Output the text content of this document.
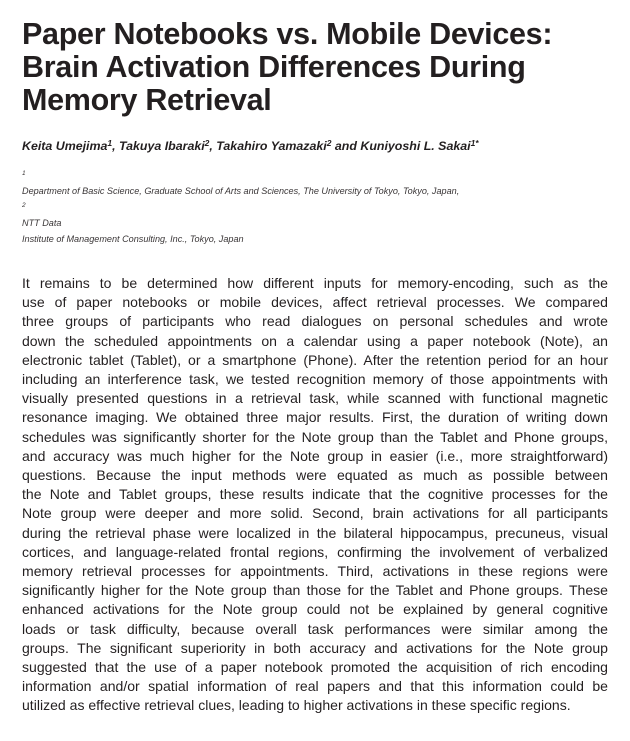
Paper Notebooks vs. Mobile Devices:
Brain Activation Differences During
Memory Retrieval
Keita Umejima$^1$, Takuya Ibaraki$^2$, Takahiro Yamazaki$^2$ and Kuniyoshi L. Sakai$^{1*}$
$^1$
Department of Basic Science, Graduate School of Arts and Sciences, The University of Tokyo, Tokyo, Japan,
$^2$
NTT Data
Institute of Management Consulting, Inc., Tokyo, Japan
It remains to be determined how different inputs for memory-encoding, such as the
use of paper notebooks or mobile devices, affect retrieval processes. We compared
three groups of participants who read dialogues on personal schedules and wrote
down the scheduled appointments on a calendar using a paper notebook (Note), an
electronic tablet (Tablet), or a smartphone (Phone). After the retention period for an hour
including an interference task, we tested recognition memory of those appointments with
visually presented questions in a retrieval task, while scanned with functional magnetic
resonance imaging. We obtained three major results. First, the duration of writing down
schedules was significantly shorter for the Note group than the Tablet and Phone groups,
and accuracy was much higher for the Note group in easier (i.e., more straightforward)
questions. Because the input methods were equated as much as possible between
the Note and Tablet groups, these results indicate that the cognitive processes for the
Note group were deeper and more solid. Second, brain activations for all participants
during the retrieval phase were localized in the bilateral hippocampus, precuneus, visual
cortices, and language-related frontal regions, confirming the involvement of verbalized
memory retrieval processes for appointments. Third, activations in these regions were
significantly higher for the Note group than those for the Tablet and Phone groups. These
enhanced activations for the Note group could not be explained by general cognitive
loads or task difficulty, because overall task performances were similar among the
groups. The significant superiority in both accuracy and activations for the Note group
suggested that the use of a paper notebook promoted the acquisition of rich encoding
information and/or spatial information of real papers and that this information could be
utilized as effective retrieval clues, leading to higher activations in these specific regions.
